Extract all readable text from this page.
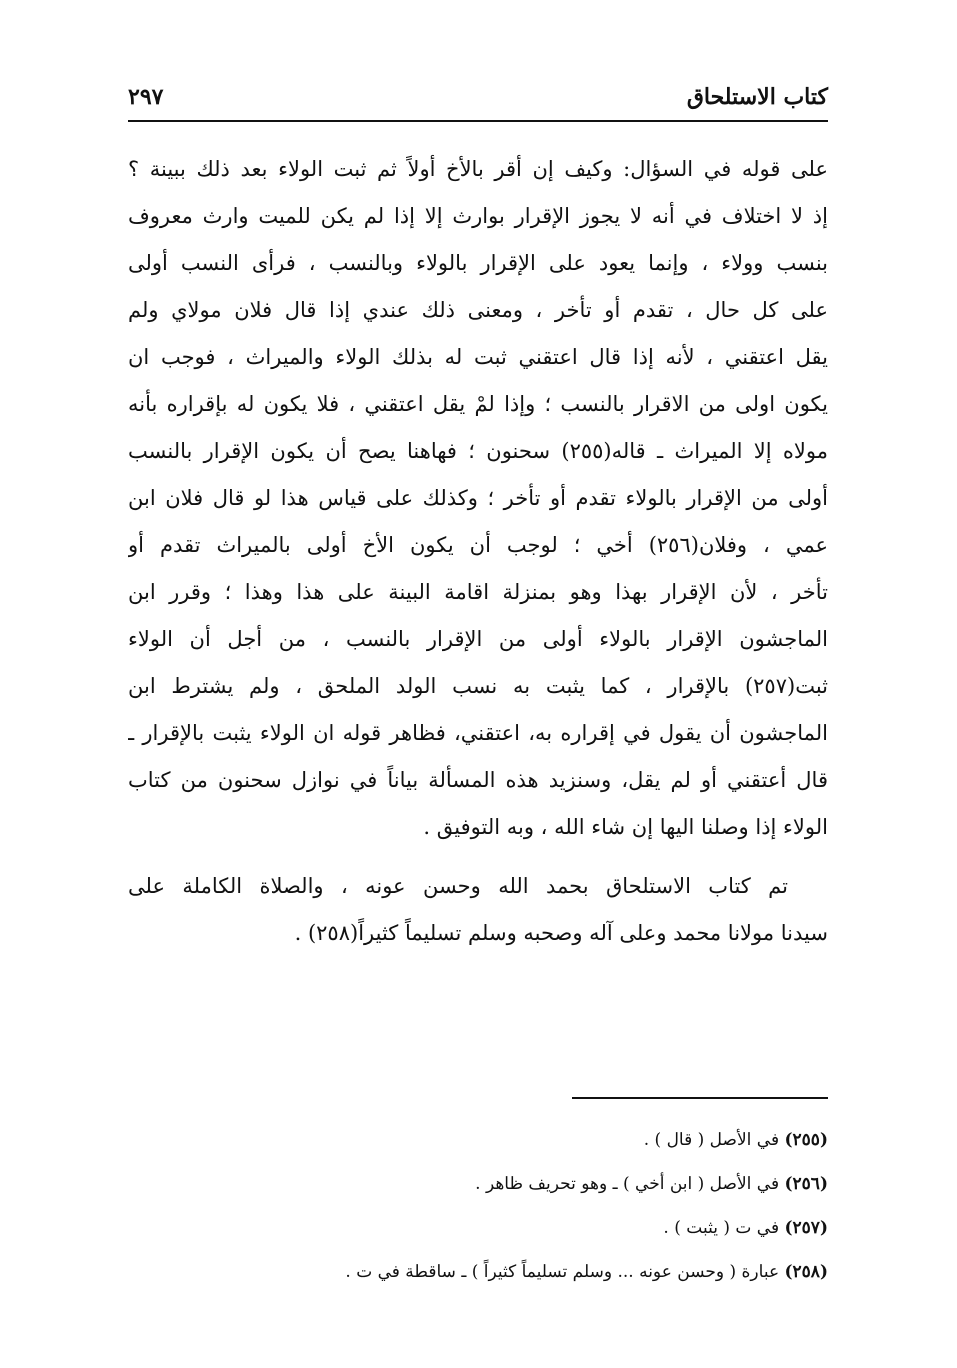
كتاب الاستلحاق
٢٩٧
على قوله في السؤال: وكيف إن أقر بالأخ أولاً ثم ثبت الولاء بعد ذلك ببينة ؟
إذ لا اختلاف في أنه لا يجوز الإقرار بوارث إلا إذا لم يكن للميت وارث معروف
بنسب وولاء ، وإنما يعود على الإقرار بالولاء وبالنسب ، فرأى النسب أولى
على كل حال ، تقدم أو تأخر ، ومعنى ذلك عندي إذا قال فلان مولاي ولم
يقل اعتقني ، لأنه إذا قال اعتقني ثبت له بذلك الولاء والميراث ، فوجب ان
يكون اولى من الاقرار بالنسب ؛ وإذا لمْ يقل اعتقني ، فلا يكون له بإقراره بأنه
مولاه إلا الميراث ـ قاله(٢٥٥) سحنون ؛ فهاهنا يصح أن يكون الإقرار بالنسب
أولى من الإقرار بالولاء تقدم أو تأخر ؛ وكذلك على قياس هذا لو قال فلان ابن
عمي ، وفلان(٢٥٦) أخي ؛ لوجب أن يكون الأخ أولى بالميراث تقدم أو
تأخر ، لأن الإقرار بهذا وهو بمنزلة اقامة البينة على هذا وهذا ؛ وقرر ابن
الماجشون الإقرار بالولاء أولى من الإقرار بالنسب ، من أجل أن الولاء
ثبت(٢٥٧) بالإقرار ، كما يثبت به نسب الولد الملحق ، ولم يشترط ابن
الماجشون أن يقول في إقراره به، اعتقني، فظاهر قوله ان الولاء يثبت بالإقرار ـ
قال أعتقني أو لم يقل، وسنزيد هذه المسألة بياناً في نوازل سحنون من كتاب
الولاء إذا وصلنا اليها إن شاء الله ، وبه التوفيق .
تم كتاب الاستلحاق بحمد الله وحسن عونه ، والصلاة الكاملة على
سيدنا مولانا محمد وعلى آله وصحبه وسلم تسليماً كثيراً(٢٥٨) .
(٢٥٥) في الأصل ( قال ) .
(٢٥٦) في الأصل ( ابن أخي ) ـ وهو تحريف ظاهر .
(٢٥٧) في ت ( يثبت ) .
(٢٥٨) عبارة ( وحسن عونه ... وسلم تسليماً كثيراً ) ـ ساقطة في ت .
